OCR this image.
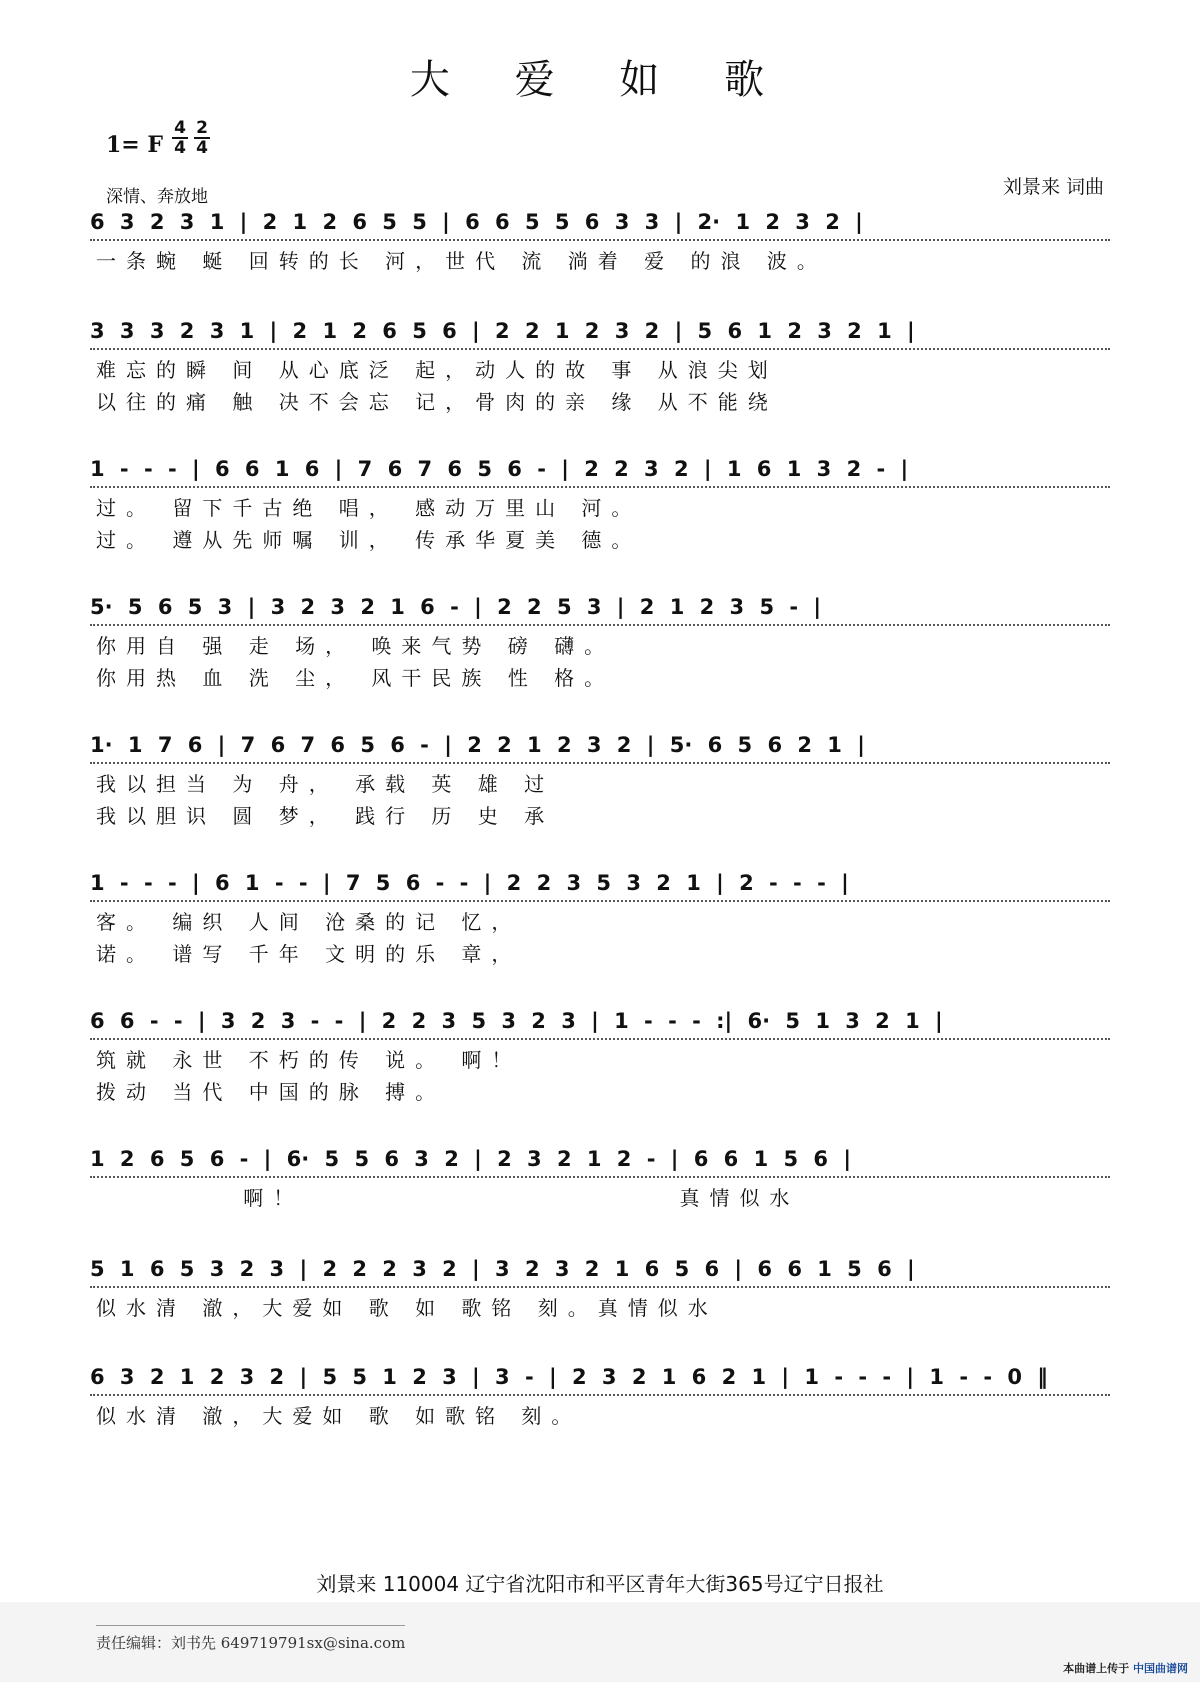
大 爱 如 歌
1= F
4
4
2
4
深情、奔放地	刘景来 词曲
6 3 2 3 1 | 2 1 2 6 5 5 | 6 6 5 5 6 3 3 | 2· 1 2 3 2 |
一条蜿 蜒 回转的长 河，世代 流 淌着 爱 的浪 波。
3 3 3 2 3 1 | 2 1 2 6 5 6 | 2 2 1 2 3 2 | 5 6 1 2 3 2 1 |
难忘的瞬 间 从心底泛 起，动人的故 事 从浪尖划
以往的痛 触 决不会忘 记，骨肉的亲 缘 从不能绕
1 - - - | 6 6 1 6 | 7 6 7 6 5 6 - | 2 2 3 2 | 1 6 1 3 2 - |
过。 留下千古绝 唱， 感动万里山 河。
过。 遵从先师嘱 训， 传承华夏美 德。
5· 5 6 5 3 | 3 2 3 2 1 6 - | 2 2 5 3 | 2 1 2 3 5 - |
你用自 强 走 场， 唤来气势 磅 礴。
你用热 血 洗 尘， 风干民族 性 格。
1· 1 7 6 | 7 6 7 6 5 6 - | 2 2 1 2 3 2 | 5· 6 5 6 2 1 |
我以担当 为 舟， 承载 英 雄 过
我以胆识 圆 梦， 践行 历 史 承
1 - - - | 6 1 - - | 7 5 6 - - | 2 2 3 5 3 2 1 | 2 - - - |
客。 编织 人间 沧桑的记 忆，
诺。 谱写 千年 文明的乐 章，
6 6 - - | 3 2 3 - - | 2 2 3 5 3 2 3 | 1 - - - :| 6· 5 1 3 2 1 |
筑就 永世 不朽的传 说。 啊！
拨动 当代 中国的脉 搏。
1 2 6 5 6 - | 6· 5 5 6 3 2 | 2 3 2 1 2 - | 6 6 1 5 6 |
啊！                       真情似水
5 1 6 5 3 2 3 | 2 2 2 3 2 | 3 2 3 2 1 6 5 6 | 6 6 1 5 6 |
似水清 澈，大爱如 歌 如 歌铭 刻。真情似水
6 3 2 1 2 3 2 | 5 5 1 2 3 | 3 - | 2 3 2 1 6 2 1 | 1 - - - | 1 - - 0 ‖
似水清 澈，大爱如 歌 如歌铭 刻。
刘景来 110004 辽宁省沈阳市和平区青年大街365号辽宁日报社
责任编辑：刘书先 649719791sx@sina.com
本曲谱上传于 中国曲谱网
